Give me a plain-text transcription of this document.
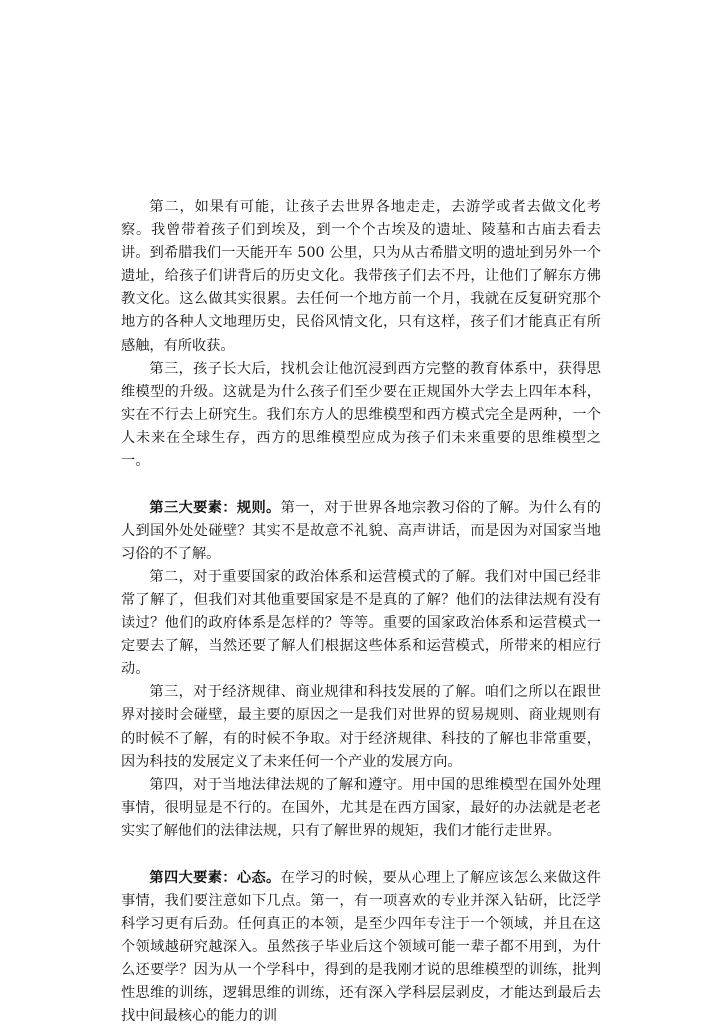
第二，如果有可能，让孩子去世界各地走走，去游学或者去做文化考察。我曾带着孩子们到埃及，到一个个古埃及的遗址、陵墓和古庙去看去讲。到希腊我们一天能开车 500 公里，只为从古希腊文明的遗址到另外一个遗址，给孩子们讲背后的历史文化。我带孩子们去不丹，让他们了解东方佛教文化。这么做其实很累。去任何一个地方前一个月，我就在反复研究那个地方的各种人文地理历史，民俗风情文化，只有这样，孩子们才能真正有所感触，有所收获。

第三，孩子长大后，找机会让他沉浸到西方完整的教育体系中，获得思维模型的升级。这就是为什么孩子们至少要在正规国外大学去上四年本科，实在不行去上研究生。我们东方人的思维模型和西方模式完全是两种，一个人未来在全球生存，西方的思维模型应成为孩子们未来重要的思维模型之一。

第三大要素：规则。第一，对于世界各地宗教习俗的了解。为什么有的人到国外处处碰壁？其实不是故意不礼貌、高声讲话，而是因为对国家当地习俗的不了解。

第二，对于重要国家的政治体系和运营模式的了解。我们对中国已经非常了解了，但我们对其他重要国家是不是真的了解？他们的法律法规有没有读过？他们的政府体系是怎样的？等等。重要的国家政治体系和运营模式一定要去了解，当然还要了解人们根据这些体系和运营模式，所带来的相应行动。

第三，对于经济规律、商业规律和科技发展的了解。咱们之所以在跟世界对接时会碰壁，最主要的原因之一是我们对世界的贸易规则、商业规则有的时候不了解，有的时候不争取。对于经济规律、科技的了解也非常重要，因为科技的发展定义了未来任何一个产业的发展方向。

第四，对于当地法律法规的了解和遵守。用中国的思维模型在国外处理事情，很明显是不行的。在国外，尤其是在西方国家，最好的办法就是老老实实了解他们的法律法规，只有了解世界的规矩，我们才能行走世界。

第四大要素：心态。在学习的时候，要从心理上了解应该怎么来做这件事情，我们要注意如下几点。第一，有一项喜欢的专业并深入钻研，比泛学科学习更有后劲。任何真正的本领，是至少四年专注于一个领域，并且在这个领域越研究越深入。虽然孩子毕业后这个领域可能一辈子都不用到，为什么还要学？因为从一个学科中，得到的是我刚才说的思维模型的训练，批判性思维的训练，逻辑思维的训练，还有深入学科层层剥皮，才能达到最后去找中间最核心的能力的训
